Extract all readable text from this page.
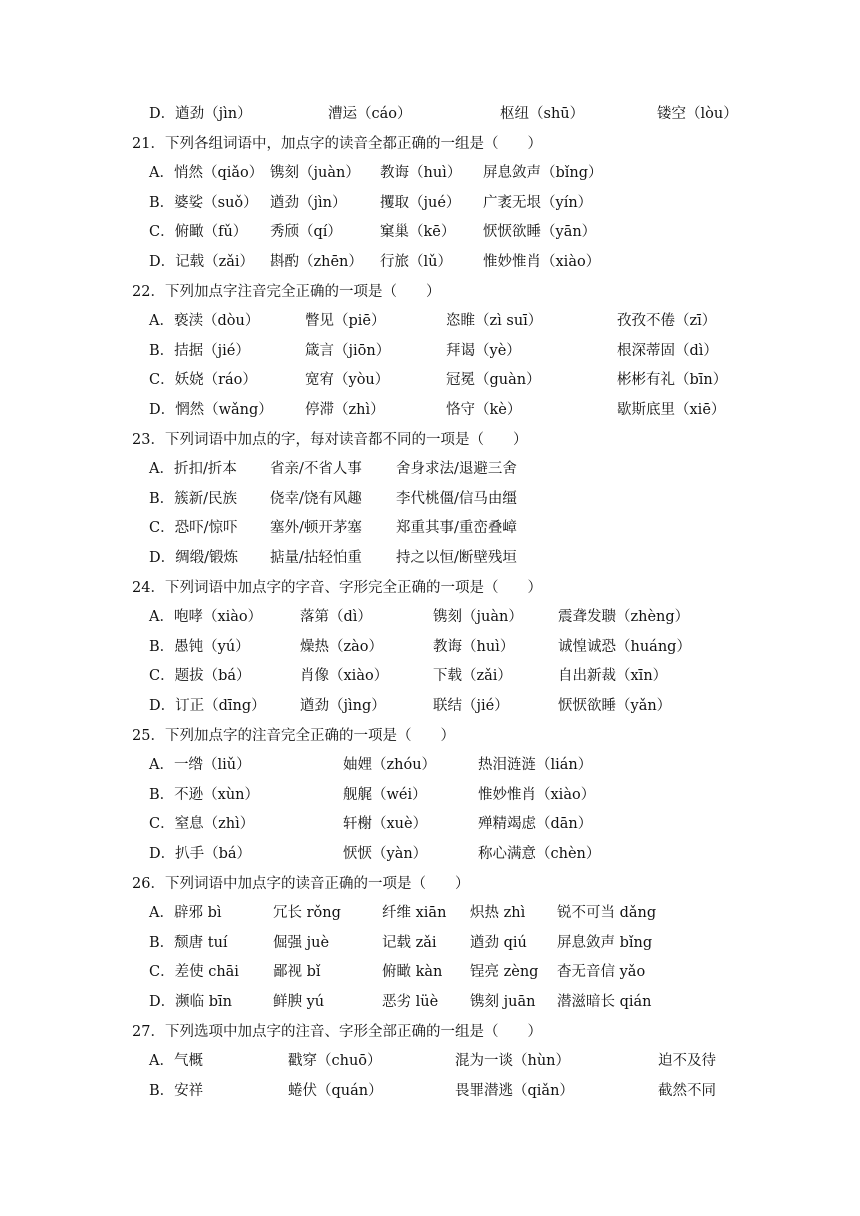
D．遒劲（jìn）	漕运（cáo）	枢纽（shū）	镂空（lòu）
21．下列各组词语中，加点字的读音全都正确的一组是（　　）
A．悄然（qiǎo） 镌刻（juàn） 教诲（huì） 屏息敛声（bǐng）
B．婆娑（suǒ） 遒劲（jìn） 攫取（jué） 广袤无垠（yín）
C．俯瞰（fǔ） 秀颀（qí）	窠巢（kē） 恹恹欲睡（yān）
D．记载（zǎi） 斟酌（zhēn） 行旅（lǔ） 惟妙惟肖（xiào）
22．下列加点字注音完全正确的一项是（　　）
A．亵渎（dòu）	瞥见（piē）	恣睢（zì suī）	孜孜不倦（zī）
B．拮据（jié）	箴言（jiōn）	拜谒（yè）	根深蒂固（dì）
C．妖娆（ráo）	宽宥（yòu）	冠冕（guàn）	彬彬有礼（bīn）
D．惘然（wǎng） 停滞（zhì）	恪守（kè）	歇斯底里（xiē）
23．下列词语中加点的字，每对读音都不同的一项是（　　）
A．折扣/折本 省亲/不省人事 舍身求法/退避三舍
B．簇新/民族 侥幸/饶有风趣 李代桃僵/信马由缰
C．恐吓/惊吓 塞外/顿开茅塞 郑重其事/重峦叠嶂
D．绸缎/锻炼 掂量/拈轻怕重 持之以恒/断壁残垣
24．下列词语中加点字的字音、字形完全正确的一项是（　　）
A．咆哮（xiào）	落第（dì）	镌刻（juàn） 震聋发聩（zhèng）
B．愚钝（yú）	燥热（zào）	教诲（huì）	诚惶诚恐（huáng）
C．题拔（bá）	肖像（xiào）	下载（zǎi）	自出新裁（xīn）
D．订正（dīng） 遒劲（jìng）	联结（jié）	恹恹欲睡（yǎn）
25．下列加点字的注音完全正确的一项是（　　）
A．一绺（liǔ）	妯娌（zhóu）	热泪涟涟（lián）
B．不逊（xùn）	舰艉（wéi）	惟妙惟肖（xiào）
C．窒息（zhì）	轩榭（xuè）	殚精竭虑（dān）
D．扒手（bá）	恹恹（yàn）	称心满意（chèn）
26．下列词语中加点字的读音正确的一项是（　　）
A．辟邪 bì	冗长 rǒng	纤维 xiān 炽热 zhì 锐不可当 dǎng
B．颓唐 tuí	倔强 juè	记载 zǎi 遒劲 qiú 屏息敛声 bǐng
C．差使 chāi 鄙视 bǐ	俯瞰 kàn 锃亮 zèng 杳无音信 yǎo
D．濒临 bīn	鲜腴 yú	恶劣 lüè 镌刻 juān 潜滋暗长 qián
27．下列选项中加点字的注音、字形全部正确的一组是（　　）
A．气概	戳穿（chuō）	混为一谈（hùn）	迫不及待
B．安祥	蜷伏（quán）	畏罪潜逃（qiǎn）	截然不同
